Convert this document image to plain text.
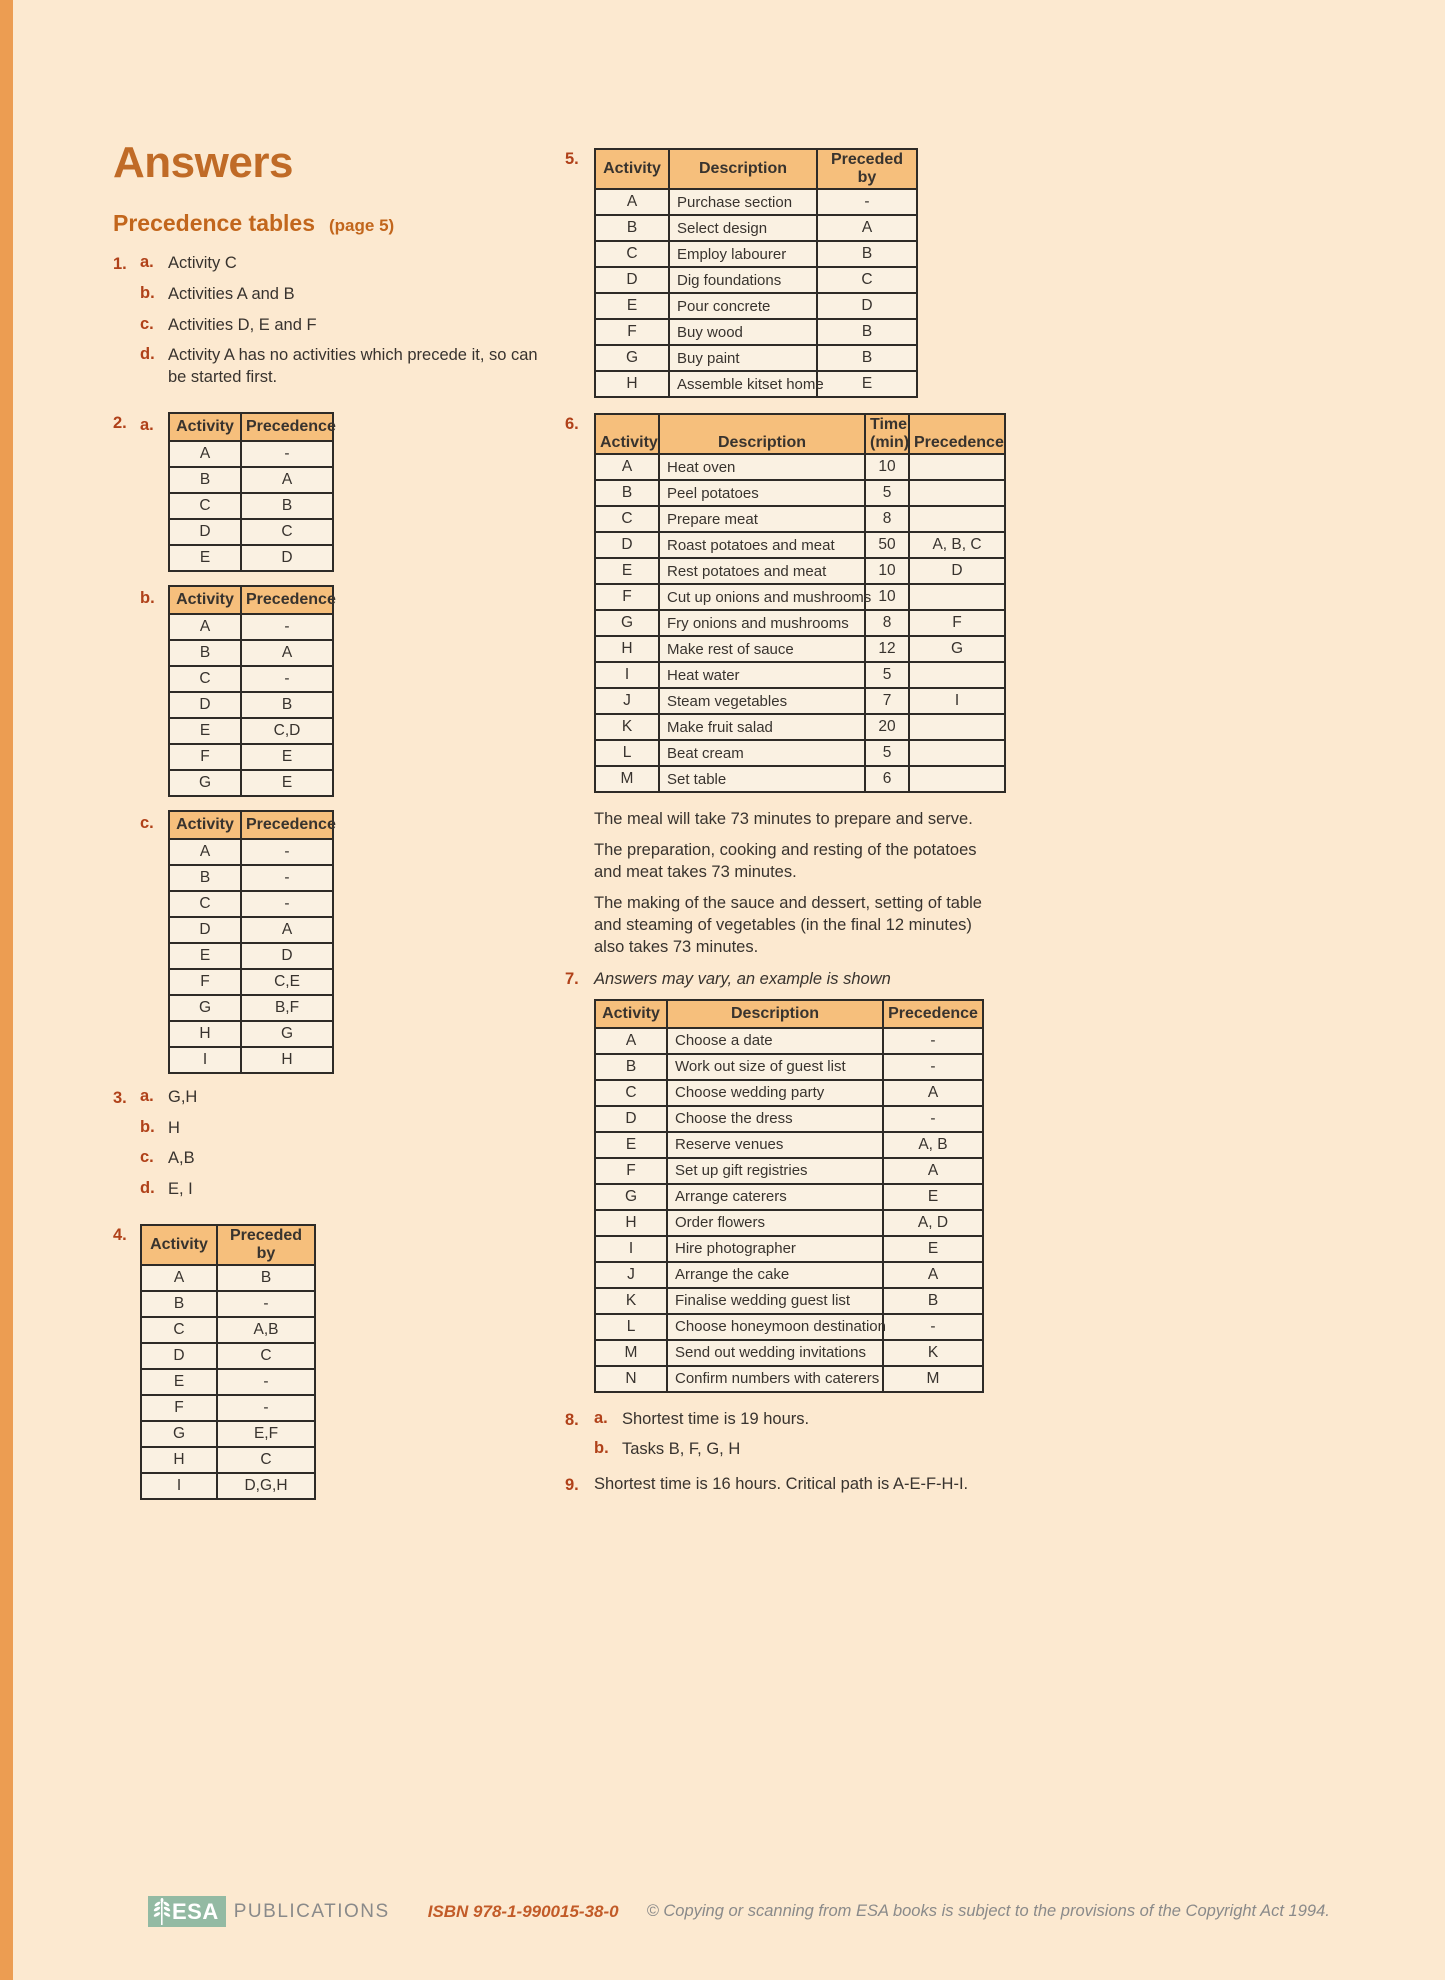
Answers
Precedence tables (page 5)
1. a. Activity C
b. Activities A and B
c. Activities D, E and F
d. Activity A has no activities which precede it, so can be started first.
2. a.	Activity	Precedence
A	-
B	A
C	B
D	C
E	D
b.	Activity	Precedence
A	-
B	A
C	-
D	B
E	C,D
F	E
G	E
c.	Activity	Precedence
A	-
B	-
C	-
D	A
E	D
F	C,E
G	B,F
H	G
I	H
3. a. G,H
b. H
c. A,B
d. E, I
4.
Activity	Preceded by
A	B
B	-
C	A,B
D	C
E	-
F	-
G	E,F
H	C
I	D,G,H
5.
Activity	Description	Preceded by
A	Purchase section	-
B	Select design	A
C	Employ labourer	B
D	Dig foundations	C
E	Pour concrete	D
F	Buy wood	B
G	Buy paint	B
H	Assemble kitset home	E
6.
Activity	Description	Time (min)	Precedence
A	Heat oven	10	
B	Peel potatoes	5	
C	Prepare meat	8	
D	Roast potatoes and meat	50	A, B, C
E	Rest potatoes and meat	10	D
F	Cut up onions and mushrooms	10	
G	Fry onions and mushrooms	8	F
H	Make rest of sauce	12	G
I	Heat water	5	
J	Steam vegetables	7	I
K	Make fruit salad	20	
L	Beat cream	5	
M	Set table	6	

The meal will take 73 minutes to prepare and serve.

The preparation, cooking and resting of the potatoes and meat takes 73 minutes.

The making of the sauce and dessert, setting of table and steaming of vegetables (in the final 12 minutes) also takes 73 minutes.

7. Answers may vary, an example is shown
Activity	Description	Precedence
A	Choose a date	-
B	Work out size of guest list	-
C	Choose wedding party	A
D	Choose the dress	-
E	Reserve venues	A, B
F	Set up gift registries	A
G	Arrange caterers	E
H	Order flowers	A, D
I	Hire photographer	E
J	Arrange the cake	A
K	Finalise wedding guest list	B
L	Choose honeymoon destination	-
M	Send out wedding invitations	K
N	Confirm numbers with caterers	M
8. a. Shortest time is 19 hours.
b. Tasks B, F, G, H
9. Shortest time is 16 hours. Critical path is A-E-F-H-I.
ESA PUBLICATIONS ISBN 978-1-990015-38-0 © Copying or scanning from ESA books is subject to the provisions of the Copyright Act 1994.
